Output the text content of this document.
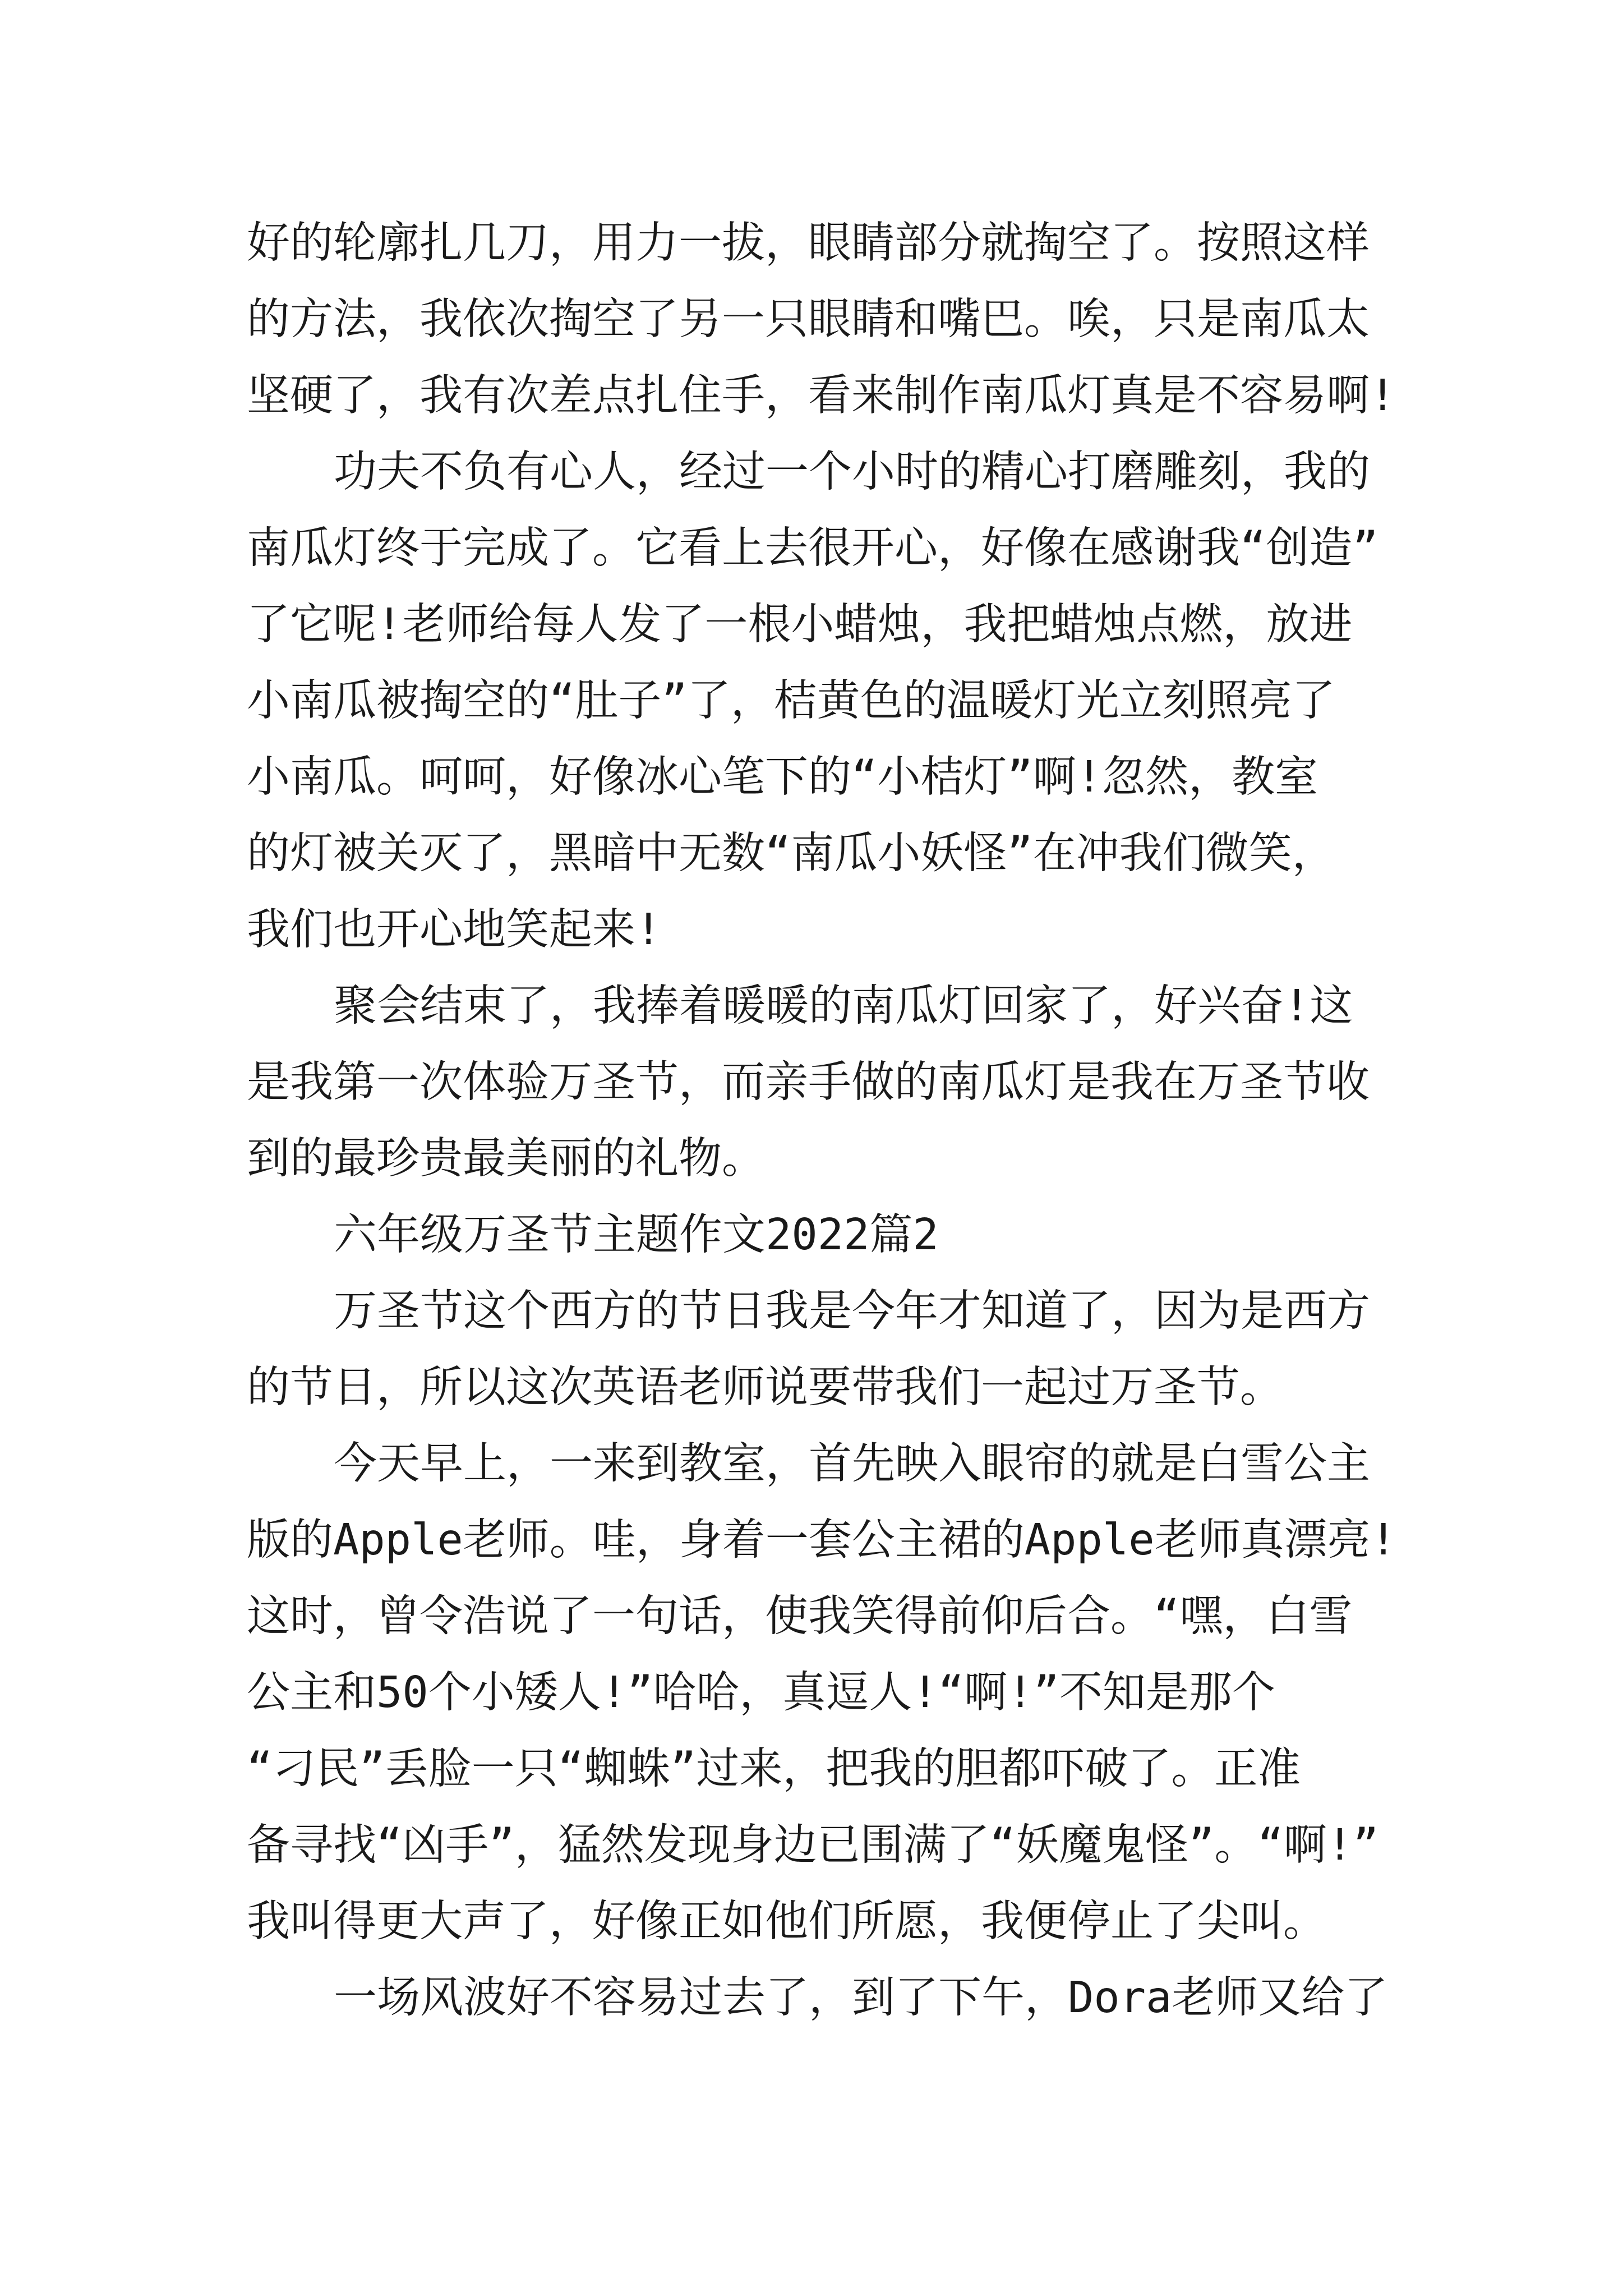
好的轮廓扎几刀，用力一拔，眼睛部分就掏空了。按照这样
的方法，我依次掏空了另一只眼睛和嘴巴。唉，只是南瓜太
坚硬了，我有次差点扎住手，看来制作南瓜灯真是不容易啊!
功夫不负有心人，经过一个小时的精心打磨雕刻，我的
南瓜灯终于完成了。它看上去很开心，好像在感谢我“创造”
了它呢!老师给每人发了一根小蜡烛，我把蜡烛点燃，放进
小南瓜被掏空的“肚子”了，桔黄色的温暖灯光立刻照亮了
小南瓜。呵呵，好像冰心笔下的“小桔灯”啊!忽然，教室
的灯被关灭了，黑暗中无数“南瓜小妖怪”在冲我们微笑，
我们也开心地笑起来!
聚会结束了，我捧着暖暖的南瓜灯回家了，好兴奋!这
是我第一次体验万圣节，而亲手做的南瓜灯是我在万圣节收
到的最珍贵最美丽的礼物。
六年级万圣节主题作文2022篇2
万圣节这个西方的节日我是今年才知道了，因为是西方
的节日，所以这次英语老师说要带我们一起过万圣节。
今天早上，一来到教室，首先映入眼帘的就是白雪公主
版的Apple老师。哇，身着一套公主裙的Apple老师真漂亮!
这时，曾令浩说了一句话，使我笑得前仰后合。“嘿，白雪
公主和50个小矮人!”哈哈，真逗人!“啊!”不知是那个
“刁民”丢脸一只“蜘蛛”过来，把我的胆都吓破了。正准
备寻找“凶手”，猛然发现身边已围满了“妖魔鬼怪”。“啊!”
我叫得更大声了，好像正如他们所愿，我便停止了尖叫。
一场风波好不容易过去了，到了下午，Dora老师又给了
